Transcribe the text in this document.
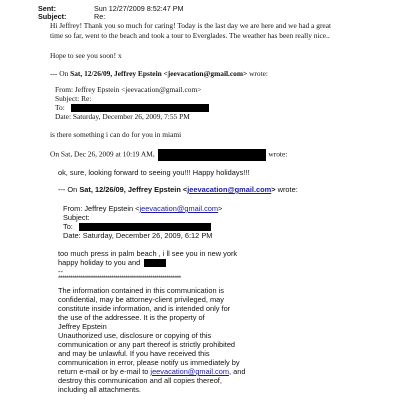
Sent:	Sun 12/27/2009 8:52:47 PM
Subject:	Re:
Hi Jeffrey! Thank you so much for caring! Today is the last day we are here and we had a great
time so far, went to the beach and took a tour to Everglades. The weather has been really nice..
Hope to see you soon! x
--- On Sat, 12/26/09, Jeffrey Epstein <jeevacation@gmail.com> wrote:
From: Jeffrey Epstein <jeevacation@gmail.com>
Subject: Re:
To:
Date: Saturday, December 26, 2009, 7:55 PM
is there something i can do for you in miami
On Sat, Dec 26, 2009 at 10:19 AM,	wrote:
ok, sure, looking forward to seeing you!!! Happy holidays!!!
--- On Sat, 12/26/09, Jeffrey Epstein <jeevacation@gmail.com> wrote:
From: Jeffrey Epstein <jeevacation@gmail.com>
Subject:
To:
Date: Saturday, December 26, 2009, 6:12 PM
too much press in palm beach , i ll see you in new york
happy holiday to you and
--
************************************************************
The information contained in this communication is
confidential, may be attorney-client privileged, may
constitute inside information, and is intended only for
the use of the addressee. It is the property of
Jeffrey Epstein
Unauthorized use, disclosure or copying of this
communication or any part thereof is strictly prohibited
and may be unlawful. If you have received this
communication in error, please notify us immediately by
return e-mail or by e-mail to jeevacation@gmail.com, and
destroy this communication and all copies thereof,
including all attachments.
